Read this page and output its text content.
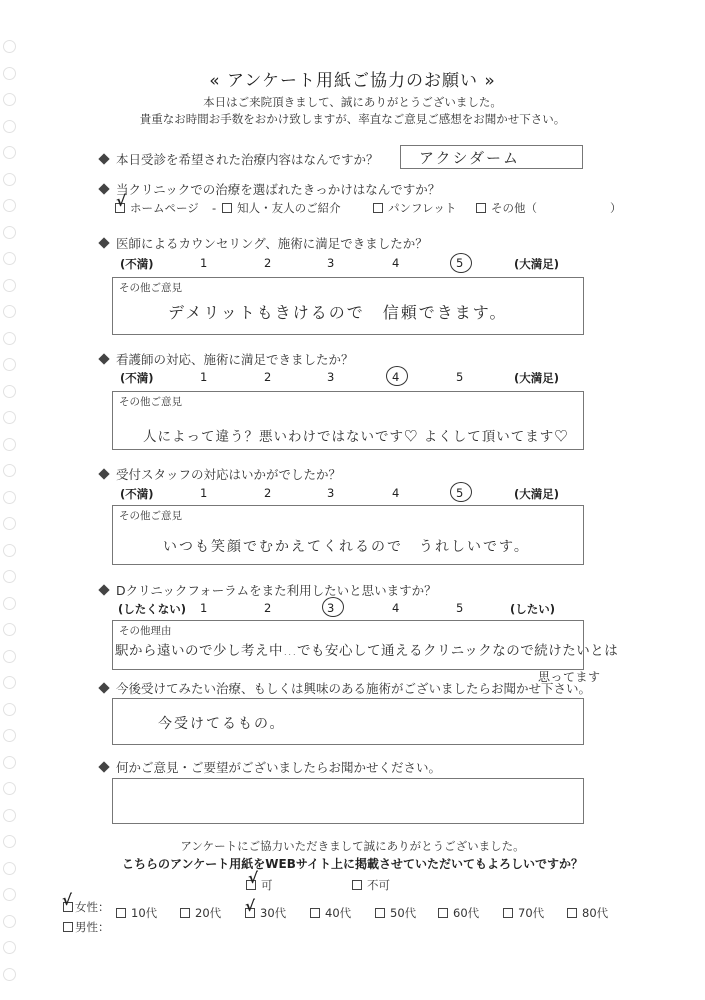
« アンケート用紙ご協力のお願い »
本日はご来院頂きまして、誠にありがとうございました。
貴重なお時間お手数をおかけ致しますが、率直なご意見ご感想をお聞かせ下さい。
本日受診を希望された治療内容はなんですか？	アクシダーム
当クリニックでの治療を選ばれたきっかけはなんですか？
ホームページ
√	- 知人・友人のご紹介	パンフレット	その他（	）
医師によるカウンセリング、施術に満足できましたか？
(不満)	1	2	3	4	5	(大満足)
その他ご意見
デメリットもきけるので　信頼できます。
看護師の対応、施術に満足できましたか？
(不満)	1	2	3	4	5	(大満足)
その他ご意見
人によって違う？悪いわけではないです♡ よくして頂いてます♡
受付スタッフの対応はいかがでしたか？
(不満)	1	2	3	4	5	(大満足)
その他ご意見
いつも笑顔でむかえてくれるので　うれしいです。
Dクリニックフォーラムをまた利用したいと思いますか？
(したくない) 1	2	3	4	5	(したい)
その他理由
駅から遠いので少し考え中…でも安心して通えるクリニックなので続けたいとは
思ってます
今後受けてみたい治療、もしくは興味のある施術がございましたらお聞かせ下さい。
今受けてるもの。
何かご意見・ご要望がございましたらお聞かせください。
アンケートにご協力いただきまして誠にありがとうございました。
こちらのアンケート用紙をWEBサイト上に掲載させていただいてもよろしいですか？
可
√	不可
女性：
√
男性：
10代	20代	30代
√	40代	50代	60代	70代	80代
